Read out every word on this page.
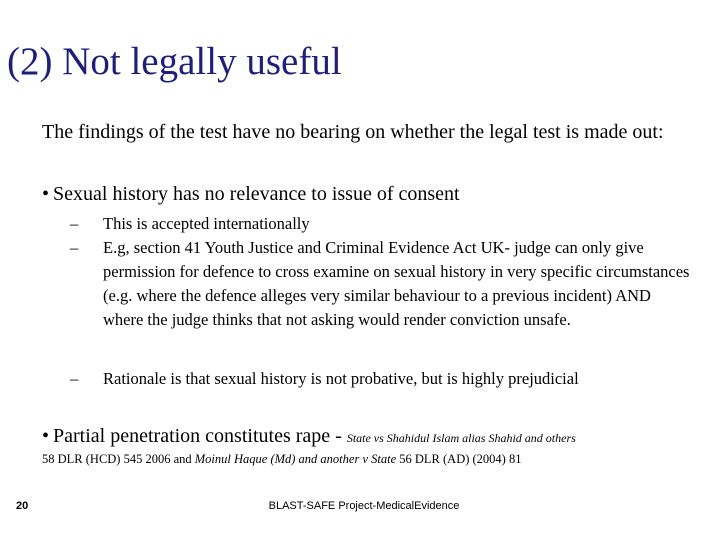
(2) Not legally useful
The findings of the test have no bearing on whether the legal test is made out:
• Sexual history has no relevance to issue of consent
–	This is accepted internationally
–	E.g, section 41 Youth Justice and Criminal Evidence Act UK- judge can only give permission for defence to cross examine on sexual history in very specific circumstances (e.g. where the defence alleges very similar behaviour to a previous incident) AND where the judge thinks that not asking would render conviction unsafe.
–	Rationale is that sexual history is not probative, but is highly prejudicial
• Partial penetration constitutes rape - State vs Shahidul Islam alias Shahid and others
58 DLR (HCD) 545 2006 and Moinul Haque (Md) and another v State 56 DLR (AD) (2004) 81
20	BLAST-SAFE Project-MedicalEvidence
